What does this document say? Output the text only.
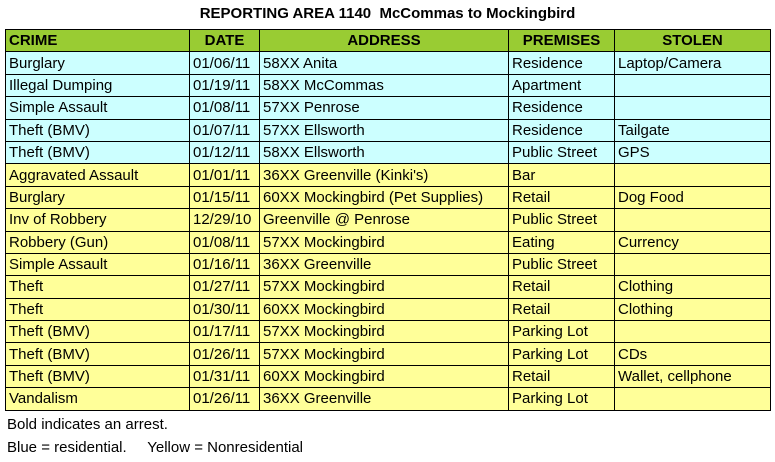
REPORTING AREA 1140  McCommas to Mockingbird
CRIME	DATE	ADDRESS	PREMISES	STOLEN
Burglary	01/06/11	58XX Anita	Residence	Laptop/Camera
Illegal Dumping	01/19/11	58XX McCommas	Apartment	
Simple Assault	01/08/11	57XX Penrose	Residence	
Theft (BMV)	01/07/11	57XX Ellsworth	Residence	Tailgate
Theft (BMV)	01/12/11	58XX Ellsworth	Public Street	GPS
Aggravated Assault	01/01/11	36XX Greenville (Kinki's)	Bar	
Burglary	01/15/11	60XX Mockingbird (Pet Supplies)	Retail	Dog Food
Inv of Robbery	12/29/10	Greenville @ Penrose	Public Street	
Robbery (Gun)	01/08/11	57XX Mockingbird	Eating	Currency
Simple Assault	01/16/11	36XX Greenville	Public Street	
Theft	01/27/11	57XX Mockingbird	Retail	Clothing
Theft	01/30/11	60XX Mockingbird	Retail	Clothing
Theft (BMV)	01/17/11	57XX Mockingbird	Parking Lot	
Theft (BMV)	01/26/11	57XX Mockingbird	Parking Lot	CDs
Theft (BMV)	01/31/11	60XX Mockingbird	Retail	Wallet, cellphone
Vandalism	01/26/11	36XX Greenville	Parking Lot	
Bold indicates an arrest.
Blue = residential.     Yellow = Nonresidential
